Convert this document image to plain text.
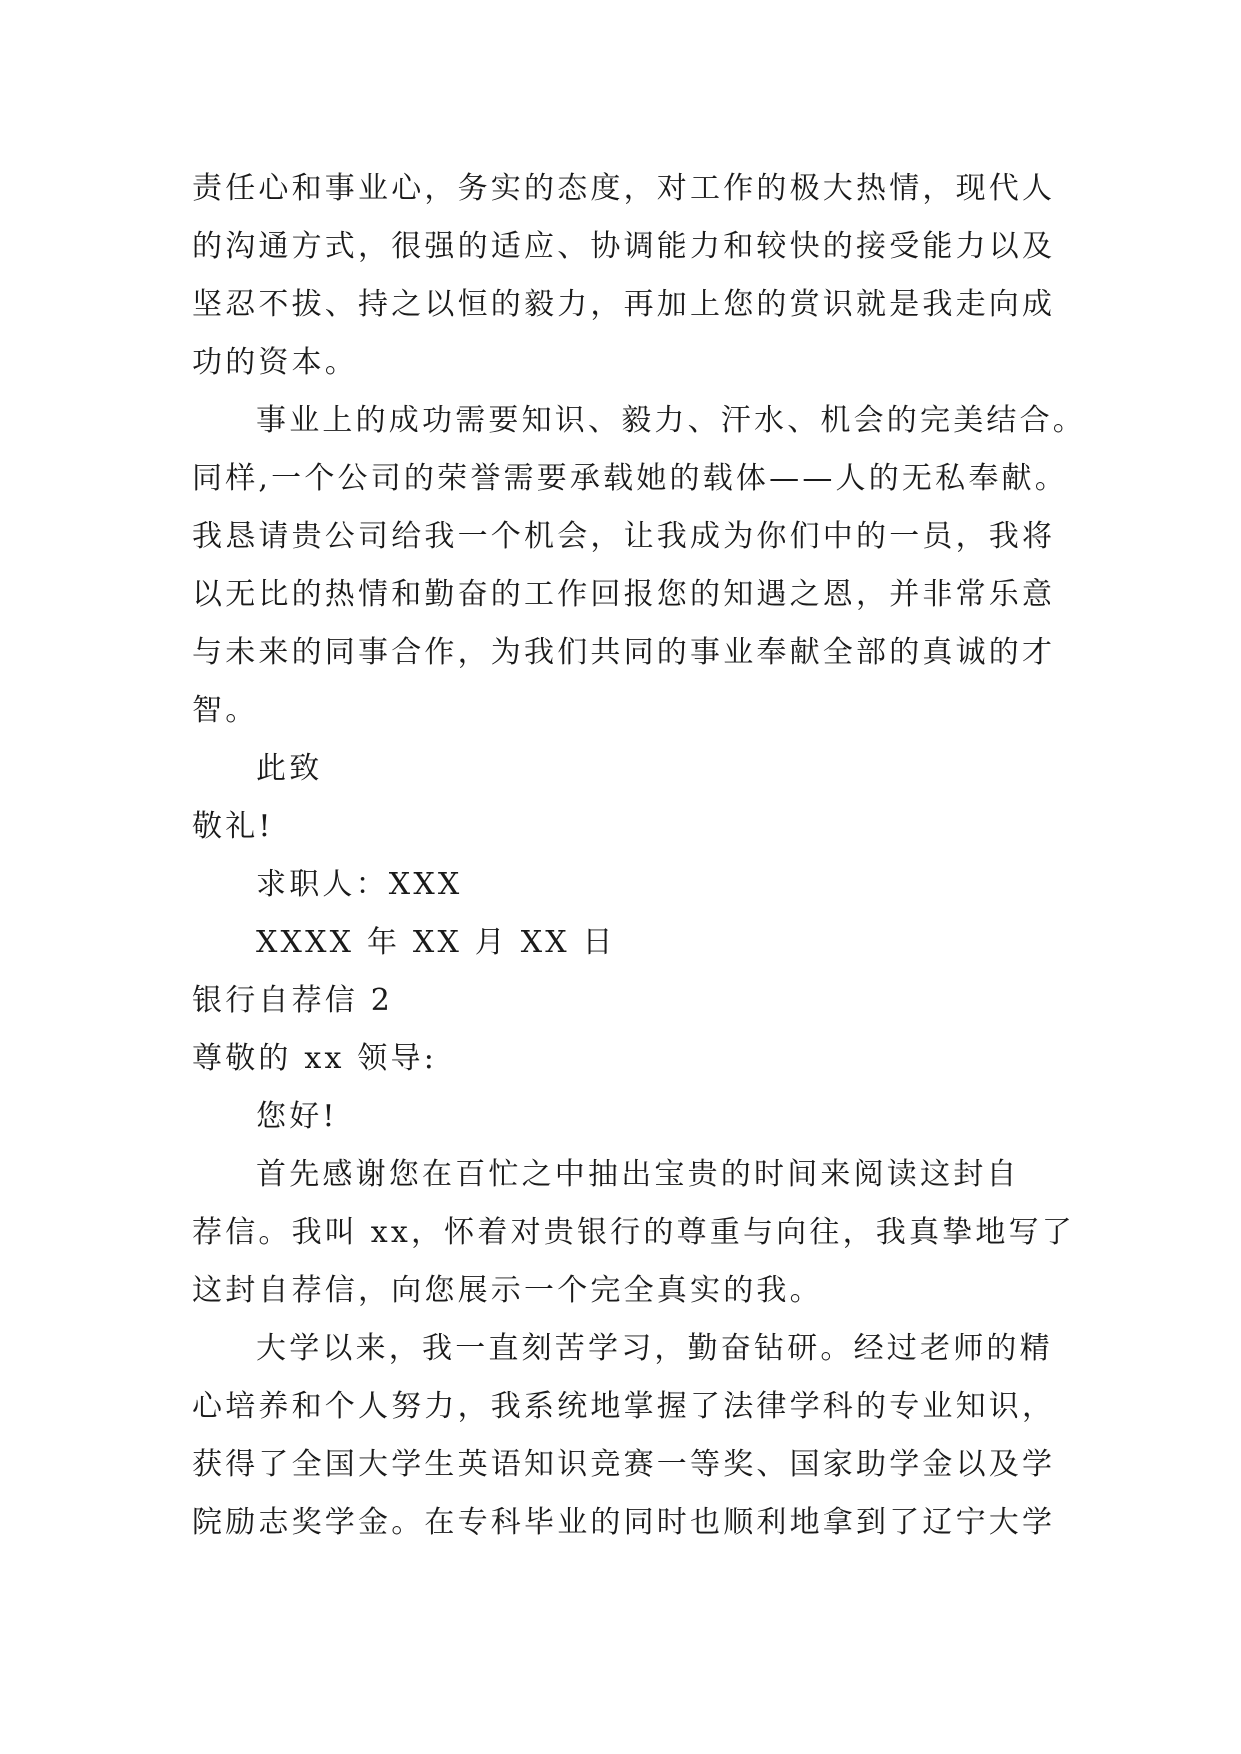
责任心和事业心，务实的态度，对工作的极大热情，现代人
的沟通方式，很强的适应、协调能力和较快的接受能力以及
坚忍不拔、持之以恒的毅力，再加上您的赏识就是我走向成
功的资本。
事业上的成功需要知识、毅力、汗水、机会的完美结合。
同样,一个公司的荣誉需要承载她的载体——人的无私奉献。
我恳请贵公司给我一个机会，让我成为你们中的一员，我将
以无比的热情和勤奋的工作回报您的知遇之恩，并非常乐意
与未来的同事合作，为我们共同的事业奉献全部的真诚的才
智。
此致
敬礼!
求职人：XXX
XXXX 年 XX 月 XX 日
银行自荐信 2
尊敬的 xx 领导:
您好!
首先感谢您在百忙之中抽出宝贵的时间来阅读这封自
荐信。我叫 xx，怀着对贵银行的尊重与向往，我真挚地写了
这封自荐信，向您展示一个完全真实的我。
大学以来，我一直刻苦学习，勤奋钻研。经过老师的精
心培养和个人努力，我系统地掌握了法律学科的专业知识，
获得了全国大学生英语知识竞赛一等奖、国家助学金以及学
院励志奖学金。在专科毕业的同时也顺利地拿到了辽宁大学
